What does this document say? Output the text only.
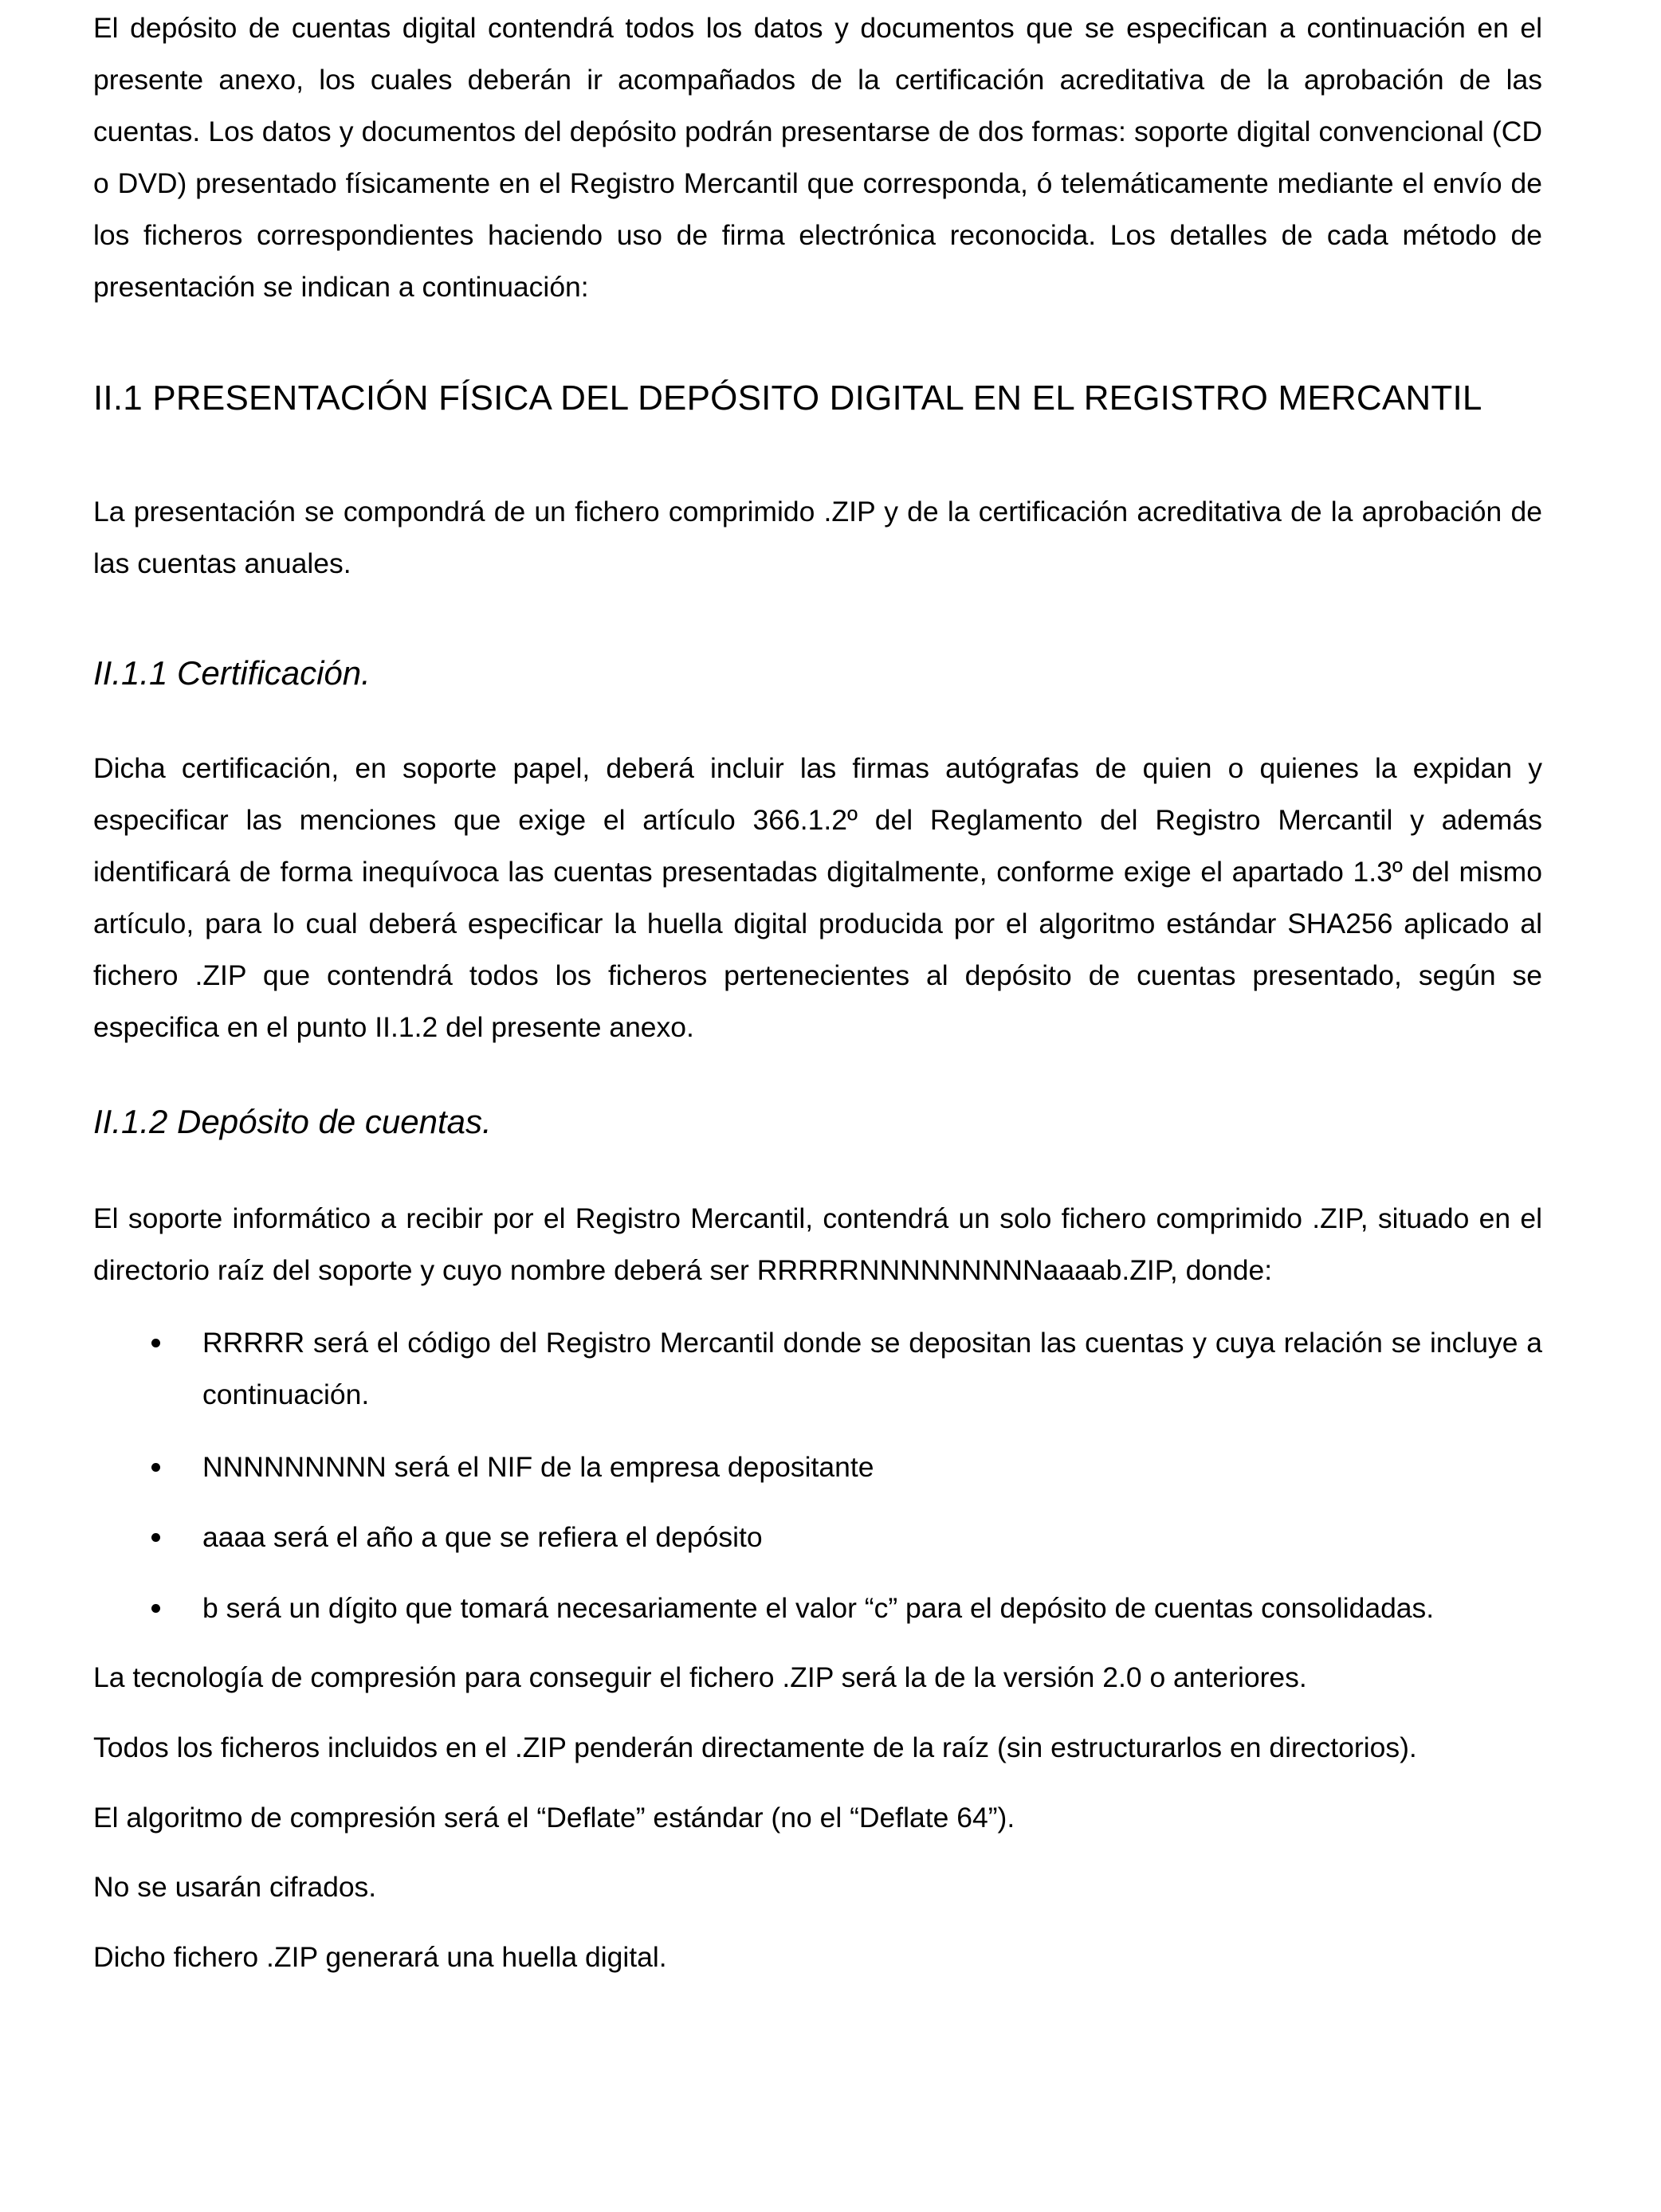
El depósito de cuentas digital contendrá todos los datos y documentos que se especifican a continuación en el presente anexo, los cuales deberán ir acompañados de la certificación acreditativa de la aprobación de las cuentas. Los datos y documentos del depósito podrán presentarse de dos formas: soporte digital convencional (CD o DVD) presentado físicamente en el Registro Mercantil que corresponda, ó telemáticamente mediante el envío de los ficheros correspondientes haciendo uso de firma electrónica reconocida. Los detalles de cada método de presentación se indican a continuación:

II.1 PRESENTACIÓN FÍSICA DEL DEPÓSITO DIGITAL EN EL REGISTRO MERCANTIL

La presentación se compondrá de un fichero comprimido .ZIP y de la certificación acreditativa de la aprobación de las cuentas anuales.

II.1.1 Certificación.

Dicha certificación, en soporte papel, deberá incluir las firmas autógrafas de quien o quienes la expidan y especificar las menciones que exige el artículo 366.1.2º del Reglamento del Registro Mercantil y además identificará de forma inequívoca las cuentas presentadas digitalmente, conforme exige el apartado 1.3º del mismo artículo, para lo cual deberá especificar la huella digital producida por el algoritmo estándar SHA256 aplicado al fichero .ZIP que contendrá todos los ficheros pertenecientes al depósito de cuentas presentado, según se especifica en el punto II.1.2 del presente anexo.

II.1.2 Depósito de cuentas.

El soporte informático a recibir por el Registro Mercantil, contendrá un solo fichero comprimido .ZIP, situado en el directorio raíz del soporte y cuyo nombre deberá ser RRRRRNNNNNNNNNaaaab.ZIP, donde:

RRRRR será el código del Registro Mercantil donde se depositan las cuentas y cuya relación se incluye a continuación.
NNNNNNNNN será el NIF de la empresa depositante
aaaa será el año a que se refiera el depósito
b será un dígito que tomará necesariamente el valor “c” para el depósito de cuentas consolidadas.

La tecnología de compresión para conseguir el fichero .ZIP será la de la versión 2.0 o anteriores.

Todos los ficheros incluidos en el .ZIP penderán directamente de la raíz (sin estructurarlos en directorios).

El algoritmo de compresión será el “Deflate” estándar (no el “Deflate 64”).

No se usarán cifrados.

Dicho fichero .ZIP generará una huella digital.
